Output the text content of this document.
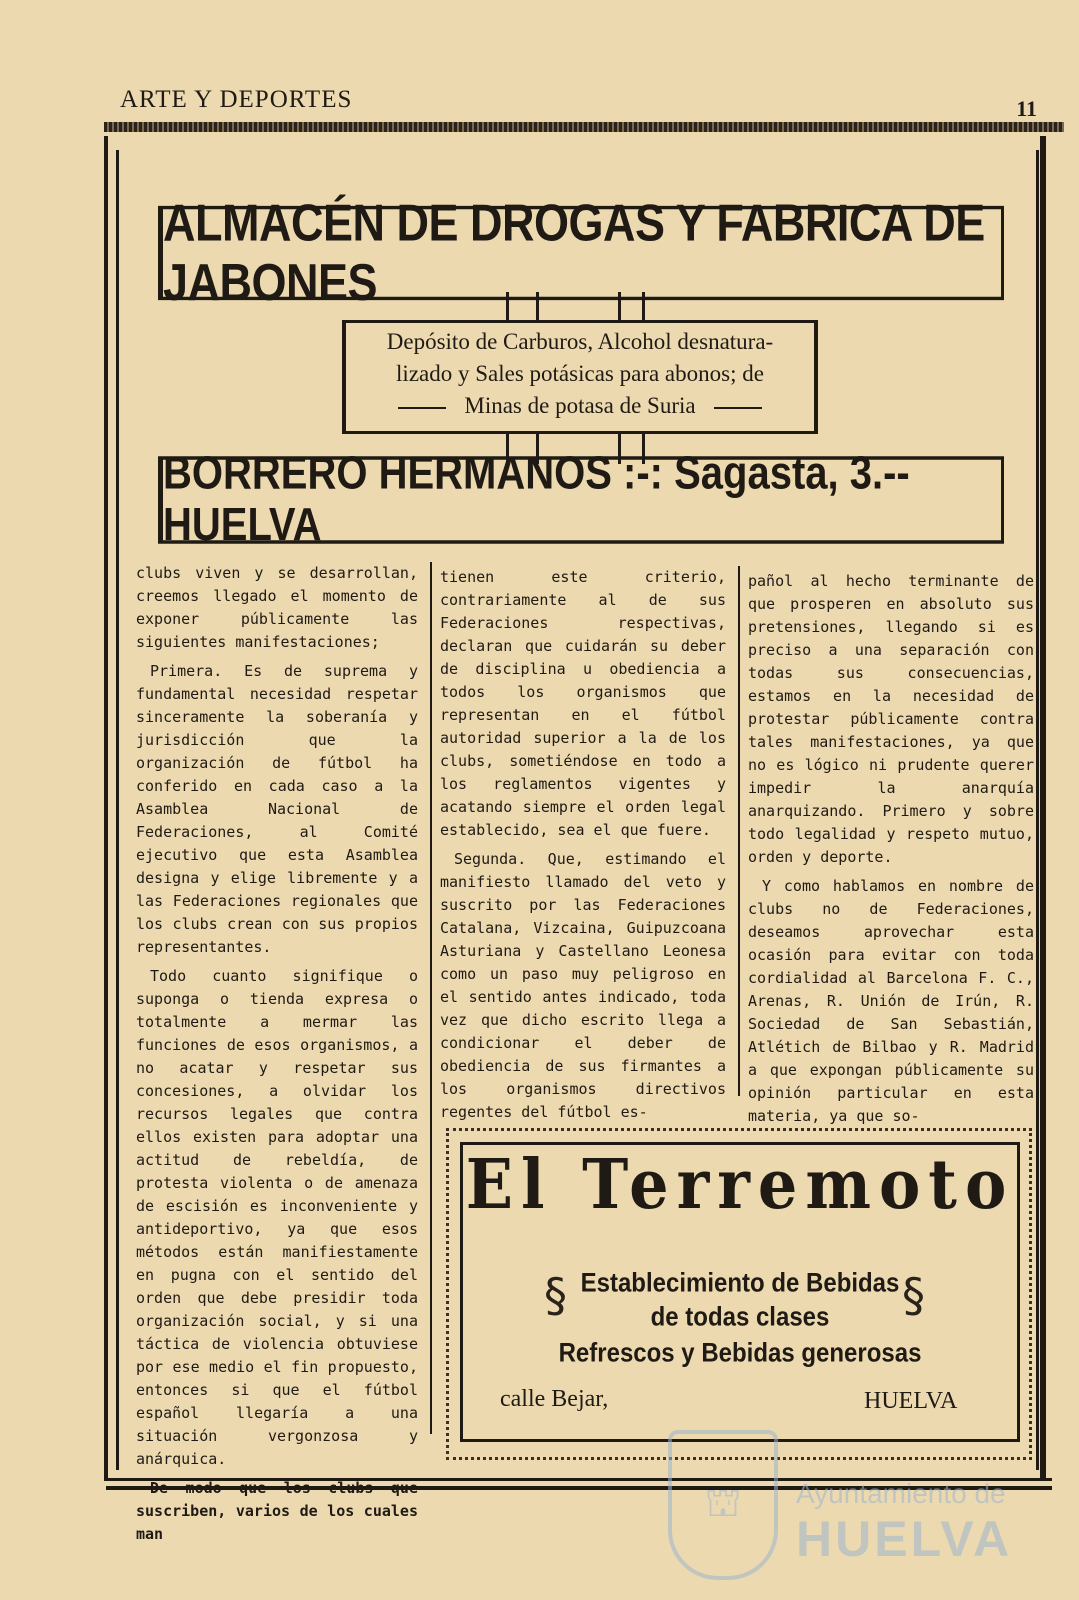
ARTE Y DEPORTES	11
ALMACÉN DE DROGAS Y FABRICA DE JABONES
Depósito de Carburos, Alcohol desnatura-
lizado y Sales potásicas para abonos; de
Minas de potasa de Suria
BORRERO HERMANOS :-: Sagasta, 3.--HUELVA

clubs viven y se desarrollan, creemos llegado el momento de exponer públicamente las siguientes manifestaciones;

Primera. Es de suprema y fundamental necesidad respetar sinceramente la soberanía y jurisdicción que la organización de fútbol ha conferido en cada caso a la Asamblea Nacional de Federaciones, al Comité ejecutivo que esta Asamblea designa y elige libremente y a las Federaciones regionales que los clubs crean con sus propios representantes.

Todo cuanto signifique o suponga o tienda expresa o totalmente a mermar las funciones de esos organismos, a no acatar y respetar sus concesiones, a olvidar los recursos legales que contra ellos existen para adoptar una actitud de rebeldía, de protesta violenta o de amenaza de escisión es inconveniente y antideportivo, ya que esos métodos están manifiestamente en pugna con el sentido del orden que debe presidir toda organización social, y si una táctica de violencia obtuviese por ese medio el fin propuesto, entonces si que el fútbol español llegaría a una situación vergonzosa y anárquica.

De modo que los clubs que suscriben, varios de los cuales man

tienen este criterio, contrariamente al de sus Federaciones respectivas, declaran que cuidarán su deber de disciplina u obediencia a todos los organismos que representan en el fútbol autoridad superior a la de los clubs, sometiéndose en todo a los reglamentos vigentes y acatando siempre el orden legal establecido, sea el que fuere.

Segunda. Que, estimando el manifiesto llamado del veto y suscrito por las Federaciones Catalana, Vizcaina, Guipuzcoana Asturiana y Castellano Leonesa como un paso muy peligroso en el sentido antes indicado, toda vez que dicho escrito llega a condicionar el deber de obediencia de sus firmantes a los organismos directivos regentes del fútbol es-

pañol al hecho terminante de que prosperen en absoluto sus pretensiones, llegando si es preciso a una separación con todas sus consecuencias, estamos en la necesidad de protestar públicamente contra tales manifestaciones, ya que no es lógico ni prudente querer impedir la anarquía anarquizando. Primero y sobre todo legalidad y respeto mutuo, orden y deporte.

Y como hablamos en nombre de clubs no de Federaciones, deseamos aprovechar esta ocasión para evitar con toda cordialidad al Barcelona F. C., Arenas, R. Unión de Irún, R. Sociedad de San Sebastián, Atlétich de Bilbao y R. Madrid a que expongan públicamente su opinión particular en esta materia, ya que so-

El Terremoto
§	§
Establecimiento de Bebidas
de todas clases
Refrescos y Bebidas generosas
calle Bejar,	HUELVA
⛫	Ayuntamiento de
HUELVA
